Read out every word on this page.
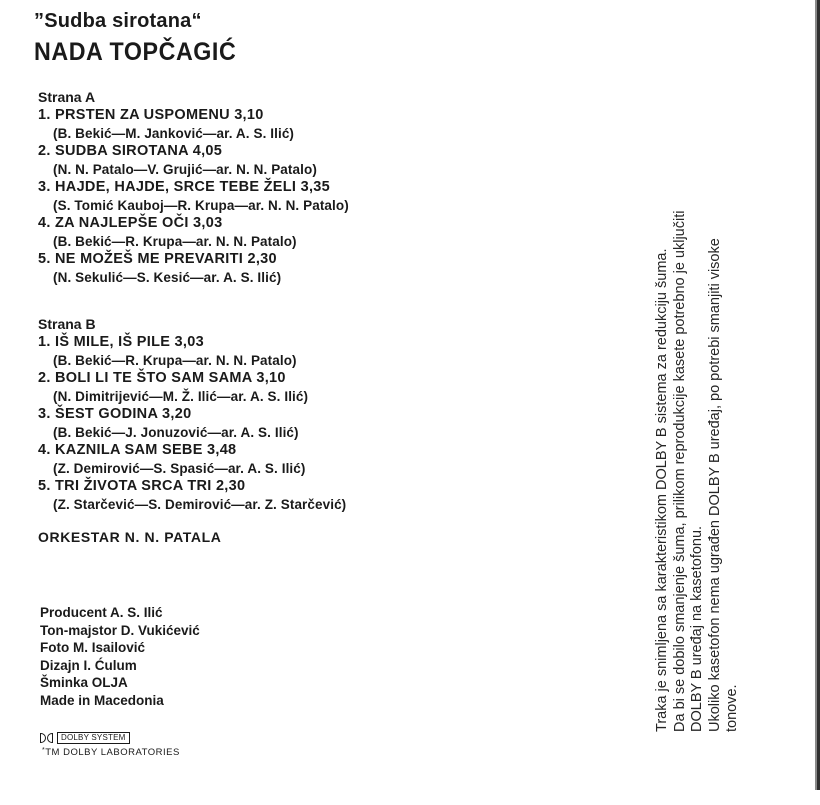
”Sudba sirotana“
NADA TOPČAGIĆ
Strana A
1. PRSTEN ZA USPOMENU 3,10
(B. Bekić—M. Janković—ar. A. S. Ilić)
2. SUDBA SIROTANA 4,05
(N. N. Patalo—V. Grujić—ar. N. N. Patalo)
3. HAJDE, HAJDE, SRCE TEBE ŽELI 3,35
(S. Tomić Kauboj—R. Krupa—ar. N. N. Patalo)
4. ZA NAJLEPŠE OČI 3,03
(B. Bekić—R. Krupa—ar. N. N. Patalo)
5. NE MOŽEŠ ME PREVARITI 2,30
(N. Sekulić—S. Kesić—ar. A. S. Ilić)
Strana B
1. IŠ MILE, IŠ PILE 3,03
(B. Bekić—R. Krupa—ar. N. N. Patalo)
2. BOLI LI TE ŠTO SAM SAMA 3,10
(N. Dimitrijević—M. Ž. Ilić—ar. A. S. Ilić)
3. ŠEST GODINA 3,20
(B. Bekić—J. Jonuzović—ar. A. S. Ilić)
4. KAZNILA SAM SEBE 3,48
(Z. Demirović—S. Spasić—ar. A. S. Ilić)
5. TRI ŽIVOTA SRCA TRI 2,30
(Z. Starčević—S. Demirović—ar. Z. Starčević)
ORKESTAR N. N. PATALA
Producent A. S. Ilić
Ton-majstor D. Vukićević
Foto M. Isailović
Dizajn I. Ćulum
Šminka OLJA
Made in Macedonia
DOLBY SYSTEM
*TM DOLBY LABORATORIES
Traka je snimljena sa karakteristikom DOLBY B sistema za redukciju šuma. Da bi se dobilo smanjenje šuma, prilikom reprodukcije kasete potrebno je uključiti DOLBY B uređaj na kasetofonu. Ukoliko kasetofon nema ugrađen DOLBY B uređaj, po potrebi smanjiti visoke tonove.
